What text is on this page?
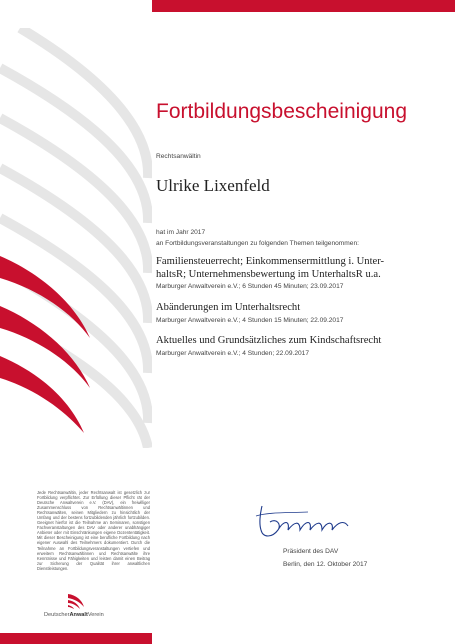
Fortbildungsbescheinigung
Rechtsanwältin
Ulrike Lixenfeld
hat im Jahr 2017
an Fortbildungsveranstaltungen zu folgenden Themen teilgenommen:
Familiensteuerrecht; Einkommensermittlung i. Unter-
haltsR; Unternehmensbewertung im UnterhaltsR u.a.
Marburger Anwaltverein e.V.; 6 Stunden 45 Minuten; 23.09.2017
Abänderungen im Unterhaltsrecht
Marburger Anwaltverein e.V.; 4 Stunden 15 Minuten; 22.09.2017
Aktuelles und Grundsätzliches zum Kindschaftsrecht
Marburger Anwaltverein e.V.; 4 Stunden; 22.09.2017
Jede Rechtsanwältin, jeder Rechtsanwalt ist gesetzlich zur Fortbildung verpflichtet. Zur Erfüllung dieser Pflicht rät der Deutsche Anwaltverein e.V. (DAV), ein freiwilliger Zusammenschluss von Rechtsanwältinnen und Rechtsanwälten, seinen Mitgliedern zu hinsichtlich der Umfang und der bestens fortzubildenden jährlich fortzubilden. Geeignet hierfür ist die Teilnahme an Seminaren, sonstigen Fachveranstaltungen des DAV oder anderer unabhängiger Anbieter oder mit Einschränkungen eigene Dozententätigkeit. Mit dieser Bescheinigung ist eine berufliche Fortbildung nach eigener Auswahl des Teilnehmers dokumentiert. Durch die Teilnahme an Fortbildungsveranstaltungen vertiefen und erweitern Rechtsanwältinnen und Rechtsanwälte ihre Kenntnisse und Fähigkeiten und leisten damit einen Beitrag zur Sicherung der Qualität ihrer anwaltlichen Dienstleistungen.
Präsident des DAV
Berlin, den 12. Oktober 2017
DeutscherAnwaltVerein
